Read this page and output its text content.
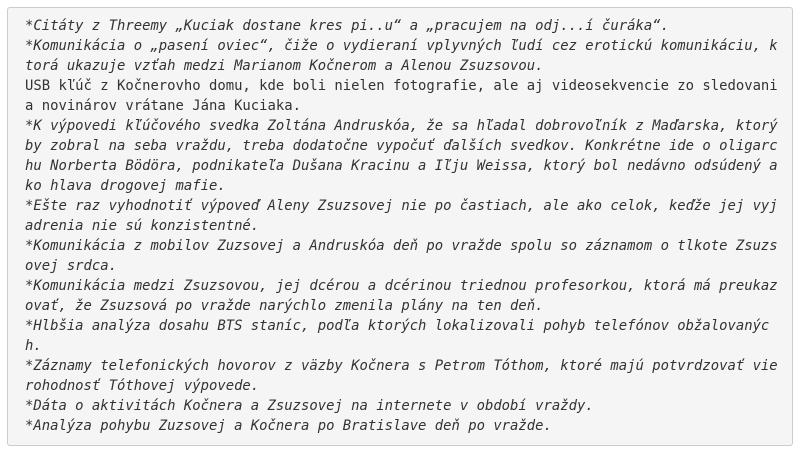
*Citáty z Threemy „Kuciak dostane kres pi..u“ a „pracujem na odj...í čuráka“.
*Komunikácia o „pasení oviec“, čiže o vydieraní vplyvných ľudí cez erotickú komunikáciu, k
torá ukazuje vzťah medzi Marianom Kočnerom a Alenou Zsuzsovou.
USB kľúč z Kočnerovho domu, kde boli nielen fotografie, ale aj videosekvencie zo sledovani
a novinárov vrátane Jána Kuciaka.
*K výpovedi kľúčového svedka Zoltána Andruskóa, že sa hľadal dobrovoľník z Maďarska, ktorý
by zobral na seba vraždu, treba dodatočne vypočuť ďalších svedkov. Konkrétne ide o oligarc
hu Norberta Bödöra, podnikateľa Dušana Kracinu a Iľju Weissa, ktorý bol nedávno odsúdený a
ko hlava drogovej mafie.
*Ešte raz vyhodnotiť výpoveď Aleny Zsuzsovej nie po častiach, ale ako celok, keďže jej vyj
adrenia nie sú konzistentné.
*Komunikácia z mobilov Zuzsovej a Andruskóa deň po vražde spolu so záznamom o tlkote Zsuzs
ovej srdca.
*Komunikácia medzi Zsuzsovou, jej dcérou a dcérinou triednou profesorkou, ktorá má preukaz
ovať, že Zsuzsová po vražde narýchlo zmenila plány na ten deň.
*Hlbšia analýza dosahu BTS staníc, podľa ktorých lokalizovali pohyb telefónov obžalovanýc
h.
*Záznamy telefonických hovorov z väzby Kočnera s Petrom Tóthom, ktoré majú potvrdzovať vie
rohodnosť Tóthovej výpovede.
*Dáta o aktivitách Kočnera a Zsuzsovej na internete v období vraždy.
*Analýza pohybu Zuzsovej a Kočnera po Bratislave deň po vražde.
